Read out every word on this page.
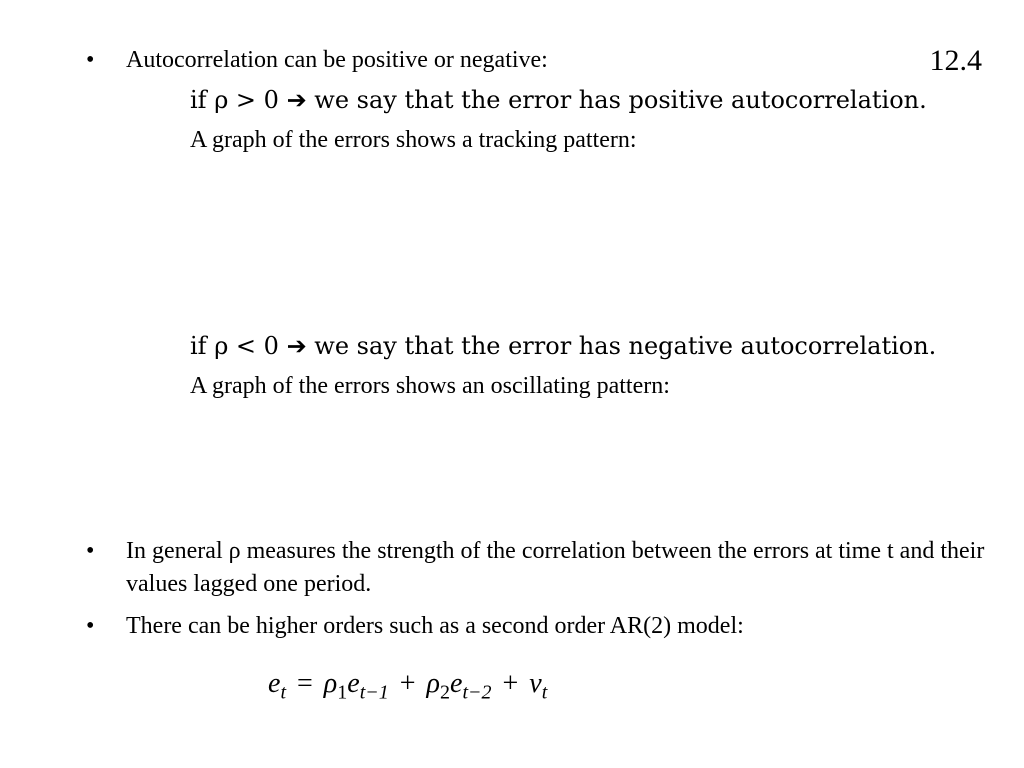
12.4
•	Autocorrelation can be positive or negative:
if ρ > 0 ➔ we say that the error has positive autocorrelation.
A graph of the errors shows a tracking pattern:
if ρ < 0 ➔ we say that the error has negative autocorrelation.
A graph of the errors shows an oscillating pattern:
•	In general ρ measures the strength of the correlation between the errors at time t and their values lagged one period.
•	There can be higher orders such as a second order AR(2) model:
$e_t = \rho_1e_{t-1} + \rho_2e_{t-2} + v_t$
